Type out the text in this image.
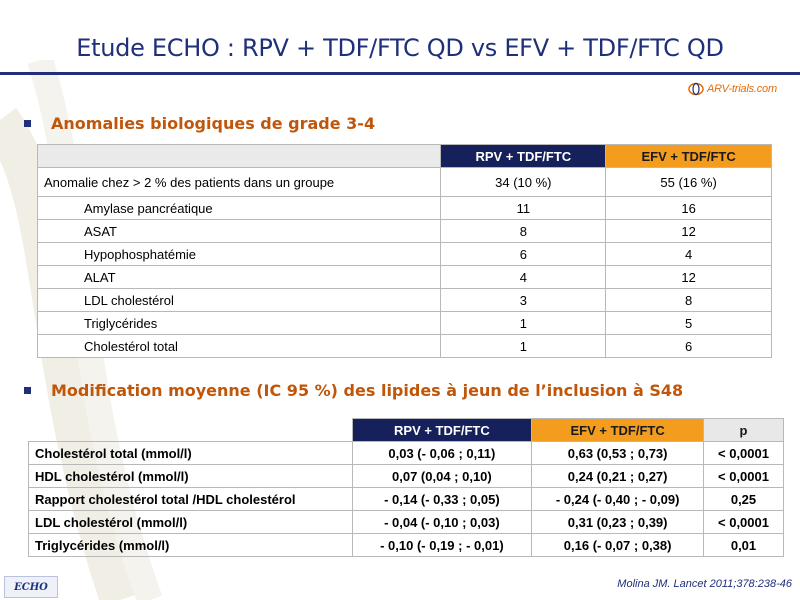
Etude ECHO : RPV + TDF/FTC QD vs EFV + TDF/FTC QD
ARV-trials.com
Anomalies biologiques de grade 3-4
	RPV + TDF/FTC	EFV + TDF/FTC
Anomalie chez > 2 % des patients dans un groupe	34 (10 %)	55 (16 %)
Amylase pancréatique	11	16
ASAT	8	12
Hypophosphatémie	6	4
ALAT	4	12
LDL cholestérol	3	8
Triglycérides	1	5
Cholestérol total	1	6
Modification moyenne (IC 95 %) des lipides à jeun de l’inclusion à S48
	RPV + TDF/FTC	EFV + TDF/FTC	p
Cholestérol total (mmol/l)	0,03 (- 0,06 ; 0,11)	0,63 (0,53 ; 0,73)	< 0,0001
HDL cholestérol (mmol/l)	0,07 (0,04 ; 0,10)	0,24 (0,21 ; 0,27)	< 0,0001
Rapport cholestérol total /HDL cholestérol	- 0,14 (- 0,33 ; 0,05)	- 0,24 (- 0,40 ; - 0,09)	0,25
LDL cholestérol (mmol/l)	- 0,04 (- 0,10 ; 0,03)	0,31 (0,23 ; 0,39)	< 0,0001
Triglycérides (mmol/l)	- 0,10 (- 0,19 ; - 0,01)	0,16 (- 0,07 ; 0,38)	0,01
ECHO	Molina JM. Lancet 2011;378:238-46
